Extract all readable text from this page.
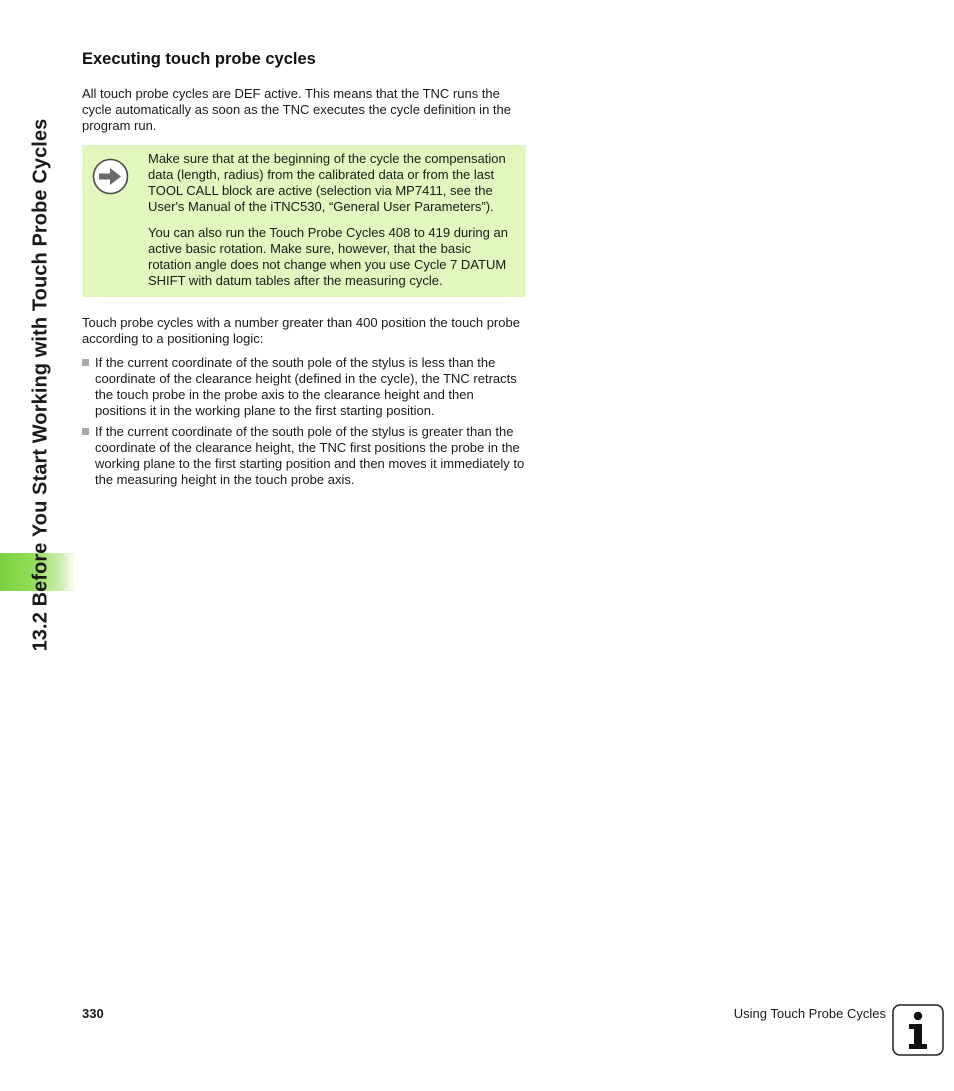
13.2 Before You Start Working with Touch Probe Cycles
Executing touch probe cycles

All touch probe cycles are DEF active. This means that the TNC runs the cycle automatically as soon as the TNC executes the cycle definition in the program run.

Make sure that at the beginning of the cycle the compensation data (length, radius) from the calibrated data or from the last TOOL CALL block are active (selection via MP7411, see the User's Manual of the iTNC530, “General User Parameters”).

You can also run the Touch Probe Cycles 408 to 419 during an active basic rotation. Make sure, however, that the basic rotation angle does not change when you use Cycle 7 DATUM SHIFT with datum tables after the measuring cycle.

Touch probe cycles with a number greater than 400 position the touch probe according to a positioning logic:

If the current coordinate of the south pole of the stylus is less than the coordinate of the clearance height (defined in the cycle), the TNC retracts the touch probe in the probe axis to the clearance height and then positions it in the working plane to the first starting position.
If the current coordinate of the south pole of the stylus is greater than the coordinate of the clearance height, the TNC first positions the probe in the working plane to the first starting position and then moves it immediately to the measuring height in the touch probe axis.
330	Using Touch Probe Cycles
